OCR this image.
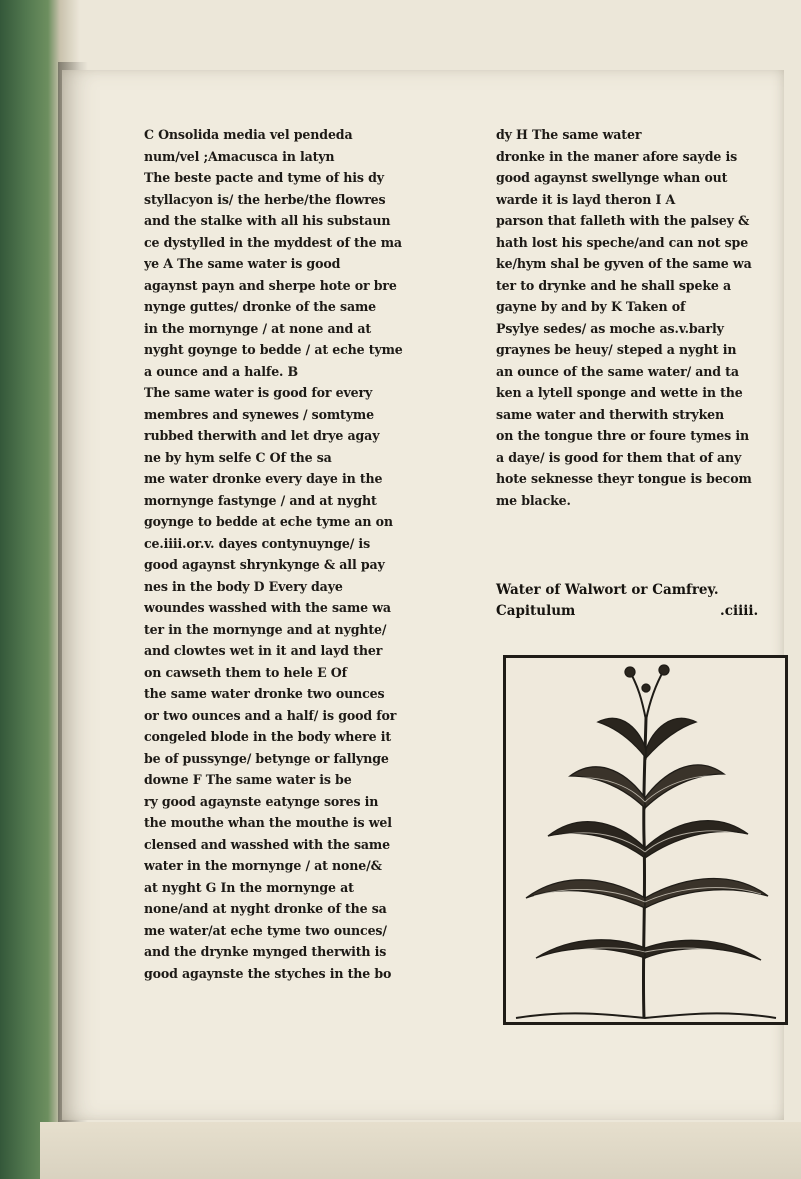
C Onsolida media vel pendeda
num/vel ;Amacusca in latyn
The beste pacte and tyme of his dy
styllacyon is/ the herbe/the flowres
and the stalke with all his substaun
ce dystylled in the myddest of the ma
ye A The same water is good
agaynst payn and sherpe hote or bre
nynge guttes/ dronke of the same
in the mornynge / at none and at
nyght goynge to bedde / at eche tyme
a ounce and a halfe. B
The same water is good for every
membres and synewes / somtyme
rubbed therwith and let drye agay
ne by hym selfe C Of the sa
me water dronke every daye in the
mornynge fastynge / and at nyght
goynge to bedde at eche tyme an on
ce.iiii.or.v. dayes contynuynge/ is
good agaynst shrynkynge & all pay
nes in the body D Every daye
woundes wasshed with the same wa
ter in the mornynge and at nyghte/
and clowtes wet in it and layd ther
on cawseth them to hele E Of
the same water dronke two ounces
or two ounces and a half/ is good for
congeled blode in the body where it
be of pussynge/ betynge or fallynge
downe F The same water is be
ry good agaynste eatynge sores in
the mouthe whan the mouthe is wel
clensed and wasshed with the same
water in the mornynge / at none/&
at nyght G In the mornynge at
none/and at nyght dronke of the sa
me water/at eche tyme two ounces/
and the drynke mynged therwith is
good agaynste the styches in the bo
dy H The same water
dronke in the maner afore sayde is
good agaynst swellynge whan out
warde it is layd theron I A
parson that falleth with the palsey &
hath lost his speche/and can not spe
ke/hym shal be gyven of the same wa
ter to drynke and he shall speke a
gayne by and by K Taken of
Psylye sedes/ as moche as.v.barly
graynes be heuy/ steped a nyght in
an ounce of the same water/ and ta
ken a lytell sponge and wette in the
same water and therwith stryken
on the tongue thre or foure tymes in
a daye/ is good for them that of any
hote seknesse theyr tongue is becom
me blacke.
Water of Walwort or Camfrey.
Capitulum	.ciiii.
